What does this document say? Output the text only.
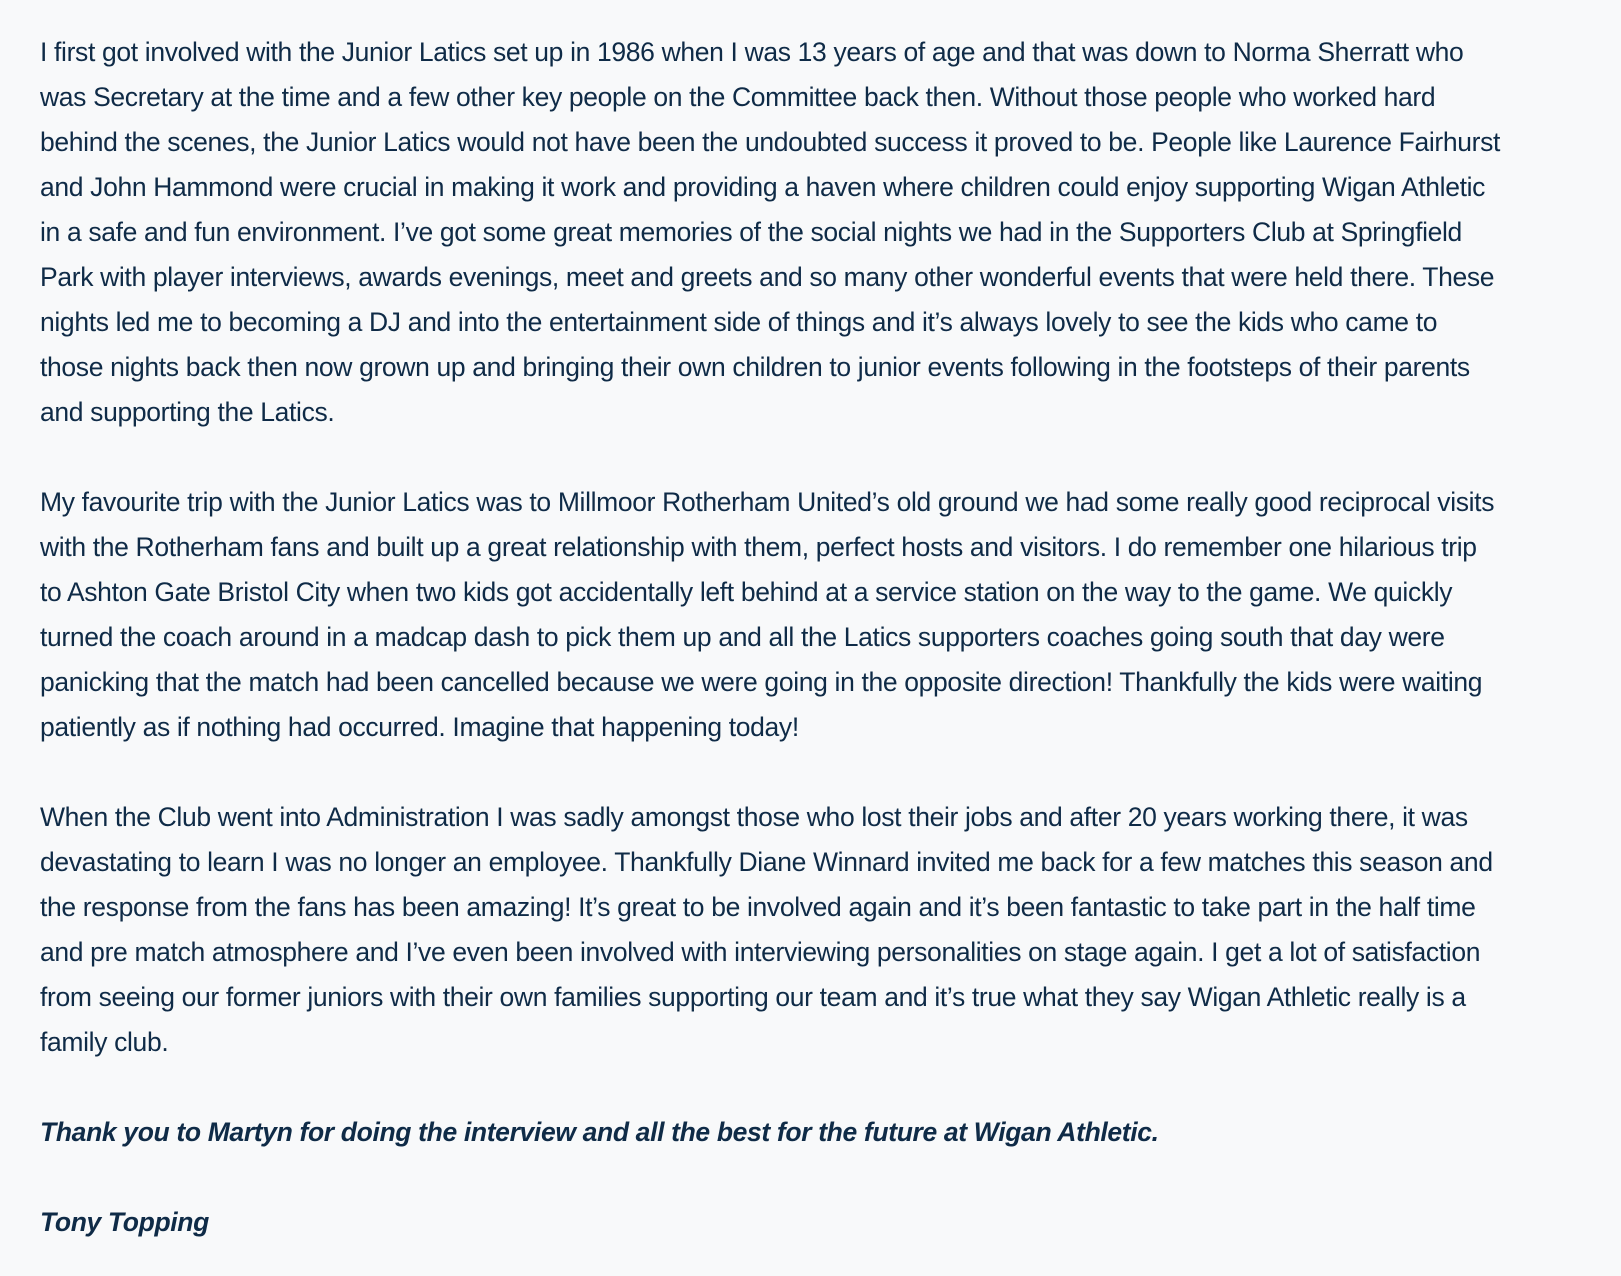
I first got involved with the Junior Latics set up in 1986 when I was 13 years of age and that was down to Norma Sherratt who was Secretary at the time and a few other key people on the Committee back then. Without those people who worked hard behind the scenes, the Junior Latics would not have been the undoubted success it proved to be. People like Laurence Fairhurst and John Hammond were crucial in making it work and providing a haven where children could enjoy supporting Wigan Athletic in a safe and fun environment. I’ve got some great memories of the social nights we had in the Supporters Club at Springfield Park with player interviews, awards evenings, meet and greets and so many other wonderful events that were held there. These nights led me to becoming a DJ and into the entertainment side of things and it’s always lovely to see the kids who came to those nights back then now grown up and bringing their own children to junior events following in the footsteps of their parents and supporting the Latics.

My favourite trip with the Junior Latics was to Millmoor Rotherham United’s old ground we had some really good reciprocal visits with the Rotherham fans and built up a great relationship with them, perfect hosts and visitors. I do remember one hilarious trip to Ashton Gate Bristol City when two kids got accidentally left behind at a service station on the way to the game. We quickly turned the coach around in a madcap dash to pick them up and all the Latics supporters coaches going south that day were panicking that the match had been cancelled because we were going in the opposite direction! Thankfully the kids were waiting patiently as if nothing had occurred. Imagine that happening today!

When the Club went into Administration I was sadly amongst those who lost their jobs and after 20 years working there, it was devastating to learn I was no longer an employee. Thankfully Diane Winnard invited me back for a few matches this season and the response from the fans has been amazing! It’s great to be involved again and it’s been fantastic to take part in the half time and pre match atmosphere and I’ve even been involved with interviewing personalities on stage again. I get a lot of satisfaction from seeing our former juniors with their own families supporting our team and it’s true what they say Wigan Athletic really is a family club.

Thank you to Martyn for doing the interview and all the best for the future at Wigan Athletic.

Tony Topping
